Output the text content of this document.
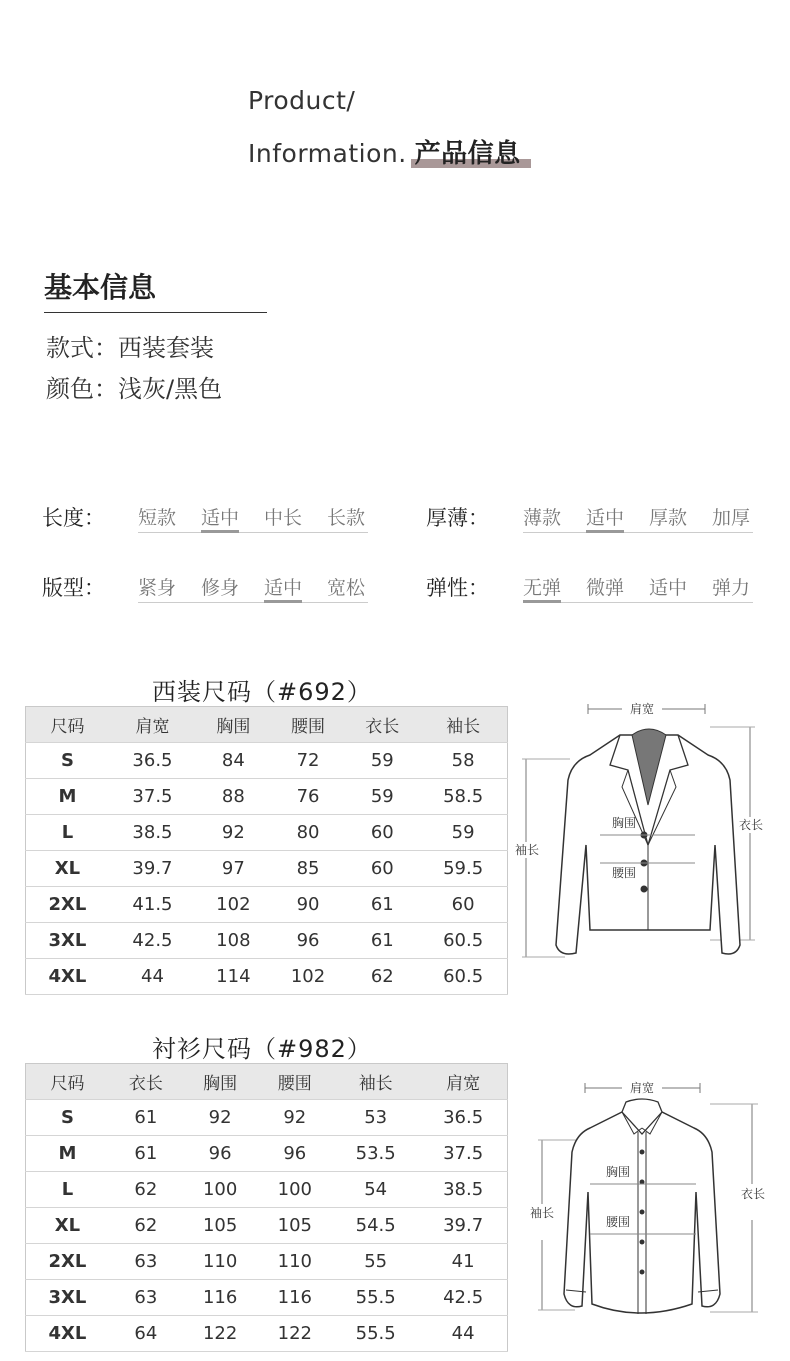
Product/
Information. 产品信息
基本信息
款式：西装套装
颜色：浅灰/黑色
长度： 短款 适中 中长 长款	厚薄： 薄款 适中 厚款 加厚
版型： 紧身 修身 适中 宽松	弹性： 无弹 微弹 适中 弹力
西装尺码（#692）
尺码	肩宽	胸围	腰围	衣长	袖长
S	36.5	84	72	59	58
M	37.5	88	76	59	58.5
L	38.5	92	80	60	59
XL	39.7	97	85	60	59.5
2XL	41.5	102	90	61	60
3XL	42.5	108	96	61	60.5
4XL	44	114	102	62	60.5
肩宽
衣长
袖长
胸围
腰围
衬衫尺码（#982）
尺码	衣长	胸围	腰围	袖长	肩宽
S	61	92	92	53	36.5
M	61	96	96	53.5	37.5
L	62	100	100	54	38.5
XL	62	105	105	54.5	39.7
2XL	63	110	110	55	41
3XL	63	116	116	55.5	42.5
4XL	64	122	122	55.5	44
肩宽
衣长
袖长
胸围
腰围
